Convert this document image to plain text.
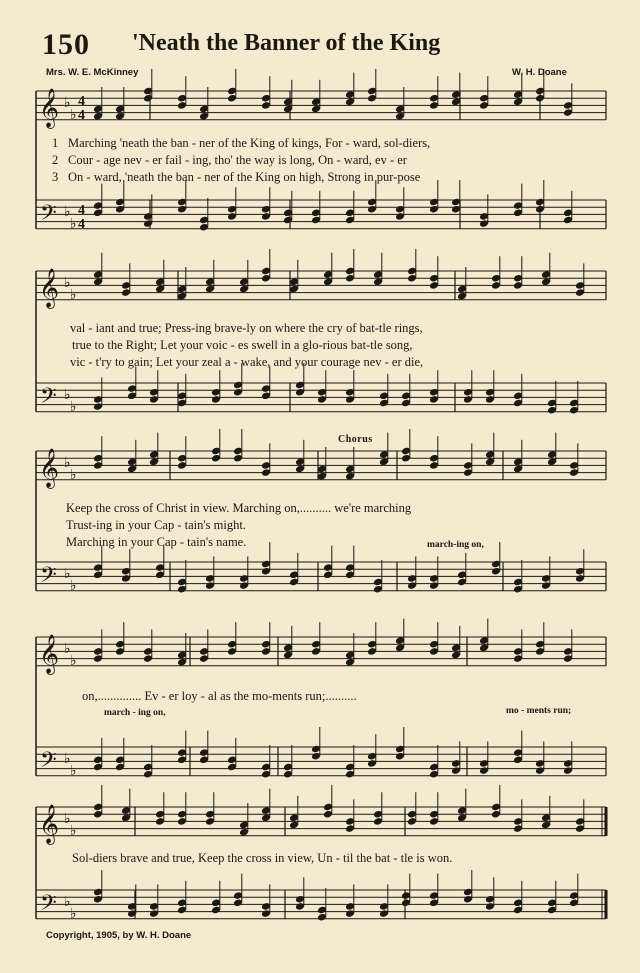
150 'Neath the Banner of the King
Mrs. W. E. McKinney	W. H. Doane
𝄞
𝄢
♭
♭
♭
♭
4
4
4
4
𝄞
𝄢
♭
♭
♭
♭
𝄞
𝄢
♭
♭
♭
♭
𝄞
𝄢
♭
♭
♭
♭
𝄞
𝄢
♭
♭
♭
♭
1 Marching 'neath the ban - ner of the King of kings, For - ward, sol-diers,
2 Cour - age nev - er fail - ing, tho' the way is long, On - ward, ev - er
3 On - ward, 'neath the ban - ner of the King on high, Strong in pur-pose
val - iant and true; Press-ing brave-ly on where the cry of bat-tle rings,
true to the Right; Let your voic - es swell in a glo-rious bat-tle song,
vic - t'ry to gain; Let your zeal a - wake, and your courage nev - er die,
Chorus
Keep the cross of Christ in view. Marching on,.......... we're marching
Trust-ing in your Cap - tain's might.
Marching in your Cap - tain's name.	march-ing on,
on,.............. Ev - er loy - al as the mo-ments run;..........
march - ing on,	mo - ments run;
Sol-diers brave and true, Keep the cross in view, Un - til the bat - tle is won.
Copyright, 1905, by W. H. Doane
